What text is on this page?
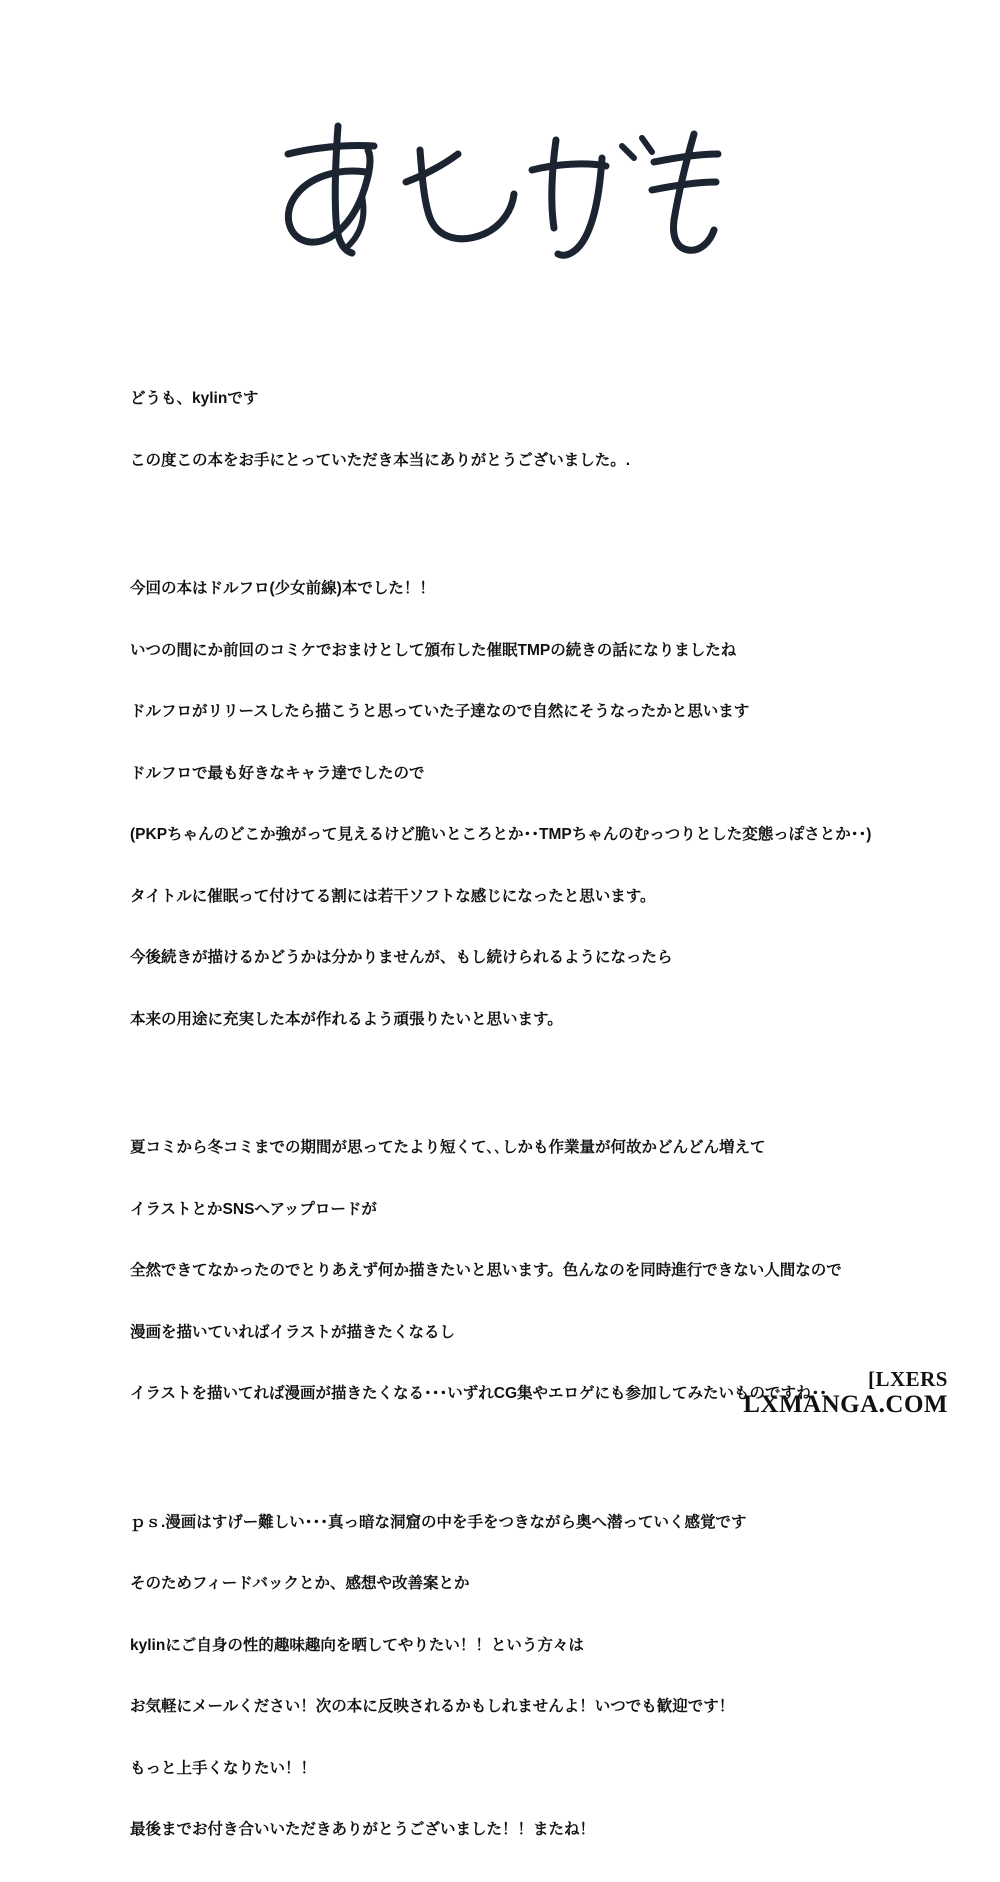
どうも、kylinです

この度この本をお手にとっていただき本当にありがとうございました。.

今回の本はドルフロ(少女前線)本でした！！

いつの間にか前回のコミケでおまけとして頒布した催眠TMPの続きの話になりましたね

ドルフロがリリースしたら描こうと思っていた子達なので自然にそうなったかと思います

ドルフロで最も好きなキャラ達でしたので

(PKPちゃんのどこか強がって見えるけど脆いところとか･･TMPちゃんのむっつりとした変態っぽさとか･･)

タイトルに催眠って付けてる割には若干ソフトな感じになったと思います。

今後続きが描けるかどうかは分かりませんが、もし続けられるようになったら

本来の用途に充実した本が作れるよう頑張りたいと思います。

夏コミから冬コミまでの期間が思ってたより短くて､､しかも作業量が何故かどんどん増えて

イラストとかSNSへアップロードが

全然できてなかったのでとりあえず何か描きたいと思います。色んなのを同時進行できない人間なので

漫画を描いていればイラストが描きたくなるし

イラストを描いてれば漫画が描きたくなる･･･いずれCG集やエロゲにも参加してみたいものですね･･

ｐｓ.漫画はすげー難しい･･･真っ暗な洞窟の中を手をつきながら奥へ潜っていく感覚です

そのためフィードバックとか、感想や改善案とか

kylinにご自身の性的趣味趣向を晒してやりたい！！という方々は

お気軽にメールください！次の本に反映されるかもしれませんよ！いつでも歓迎です！

もっと上手くなりたい！！

最後までお付き合いいただきありがとうございました！！またね！

[LXERS
LXMANGA.COM
